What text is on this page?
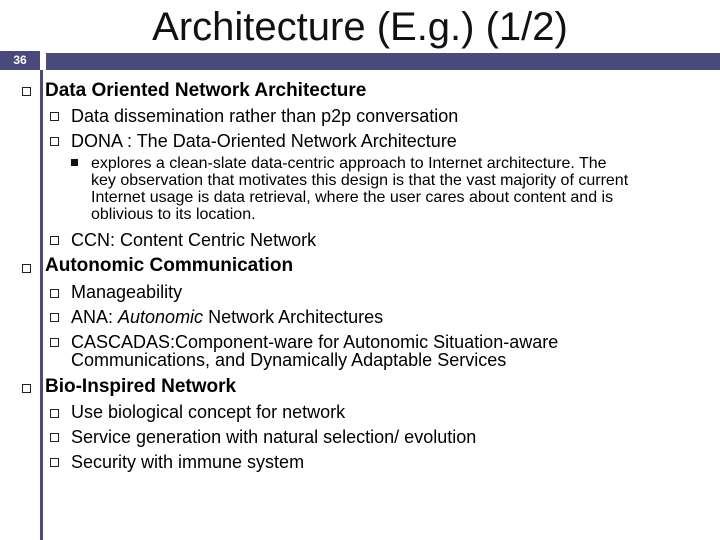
Architecture (E.g.) (1/2)
36
Data Oriented Network Architecture
Data dissemination rather than p2p conversation
DONA : The Data-Oriented Network Architecture
explores a clean-slate data-centric approach to Internet architecture. The
key observation that motivates this design is that the vast majority of current
Internet usage is data retrieval, where the user cares about content and is
oblivious to its location.
CCN: Content Centric Network
Autonomic Communication
Manageability
ANA: Autonomic Network Architectures
CASCADAS:Component-ware for Autonomic Situation-aware
Communications, and Dynamically Adaptable Services
Bio-Inspired Network
Use biological concept for network
Service generation with natural selection/ evolution
Security with immune system
